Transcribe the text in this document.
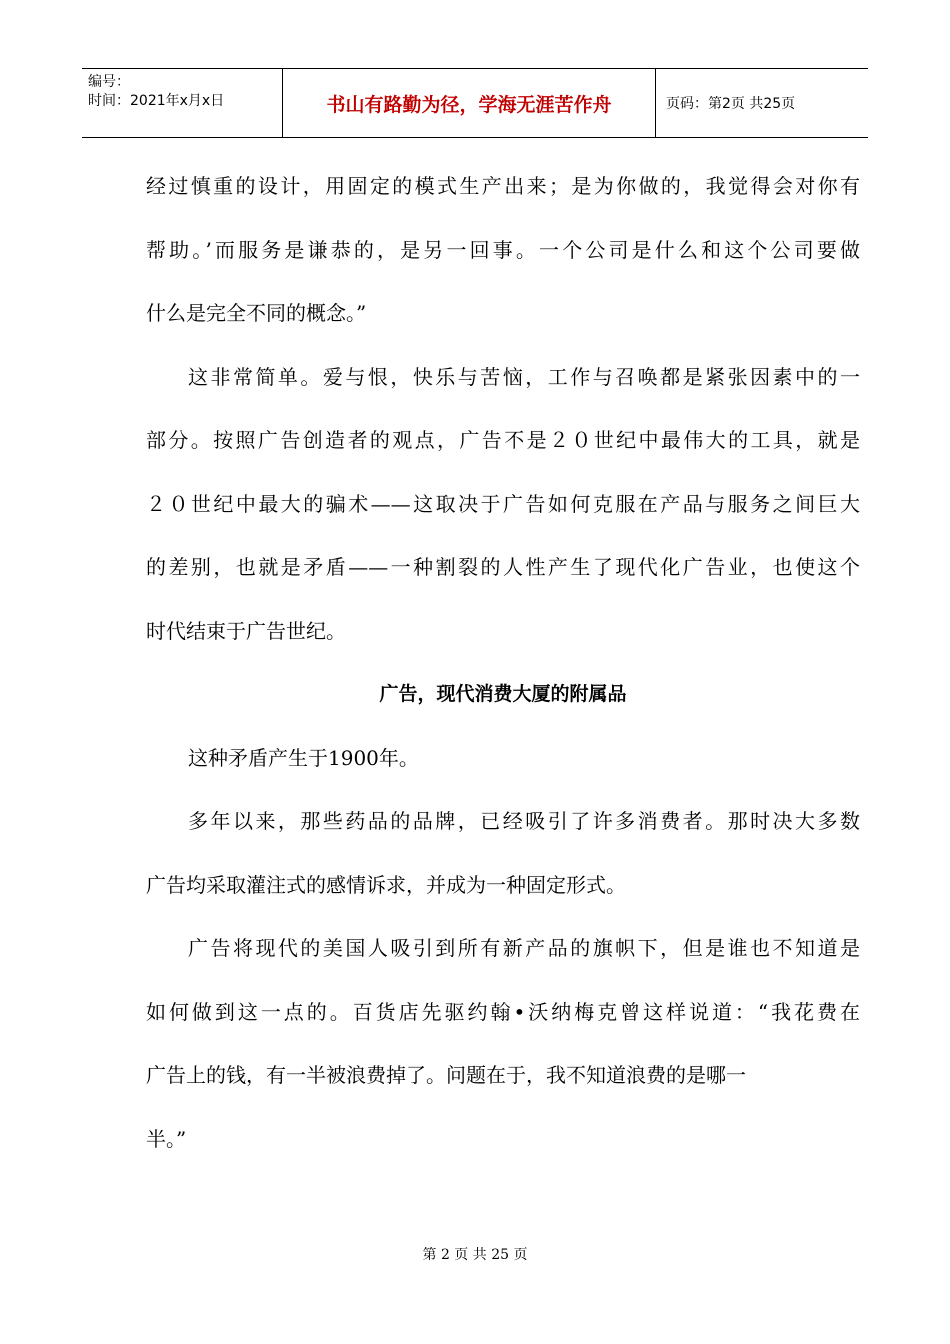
编号：
时间：2021年x月x日	书山有路勤为径，学海无涯苦作舟	页码：第2页 共25页
经过慎重的设计，用固定的模式生产出来；是为你做的，我觉得会对你有
帮助。’而服务是谦恭的，是另一回事。一个公司是什么和这个公司要做
什么是完全不同的概念。”
这非常简单。爱与恨，快乐与苦恼，工作与召唤都是紧张因素中的一
部分。按照广告创造者的观点，广告不是２０世纪中最伟大的工具，就是
２０世纪中最大的骗术——这取决于广告如何克服在产品与服务之间巨大
的差别，也就是矛盾——一种割裂的人性产生了现代化广告业，也使这个
时代结束于广告世纪。
广告，现代消费大厦的附属品
这种矛盾产生于1900年。
多年以来，那些药品的品牌，已经吸引了许多消费者。那时决大多数
广告均采取灌注式的感情诉求，并成为一种固定形式。
广告将现代的美国人吸引到所有新产品的旗帜下，但是谁也不知道是
如何做到这一点的。百货店先驱约翰•沃纳梅克曾这样说道：“我花费在
广告上的钱，有一半被浪费掉了。问题在于，我不知道浪费的是哪一
半。”
第 2 页 共 25 页
